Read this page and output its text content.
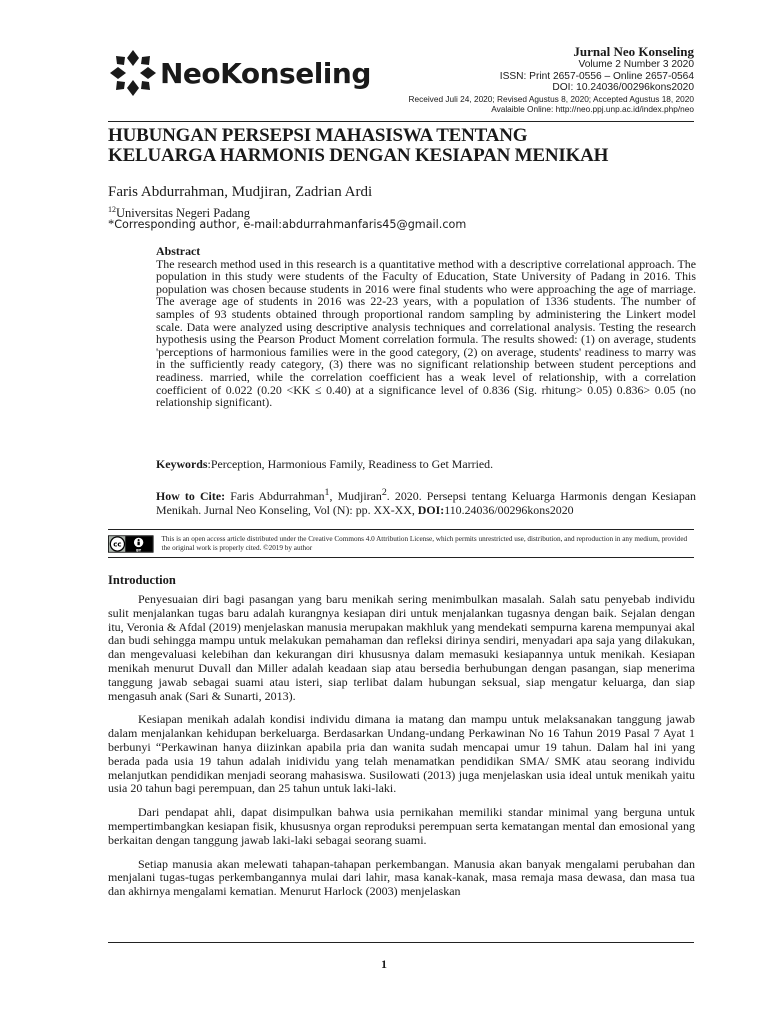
NeoKonseling
Jurnal Neo Konseling
Volume 2 Number 3 2020
ISSN: Print 2657-0556 – Online 2657-0564
DOI: 10.24036/00296kons2020
Received Juli 24, 2020; Revised Agustus 8, 2020; Accepted Agustus 18, 2020
Avalaible Online: http://neo.ppj.unp.ac.id/index.php/neo
HUBUNGAN PERSEPSI MAHASISWA TENTANG
KELUARGA HARMONIS DENGAN KESIAPAN MENIKAH
Faris Abdurrahman, Mudjiran, Zadrian Ardi
$^{12}$Universitas Negeri Padang
*Corresponding author, e-mail:abdurrahmanfaris45@gmail.com
Abstract
The research method used in this research is a quantitative method with a descriptive correlational approach. The population in this study were students of the Faculty of Education, State University of Padang in 2016. This population was chosen because students in 2016 were final students who were approaching the age of marriage. The average age of students in 2016 was 22-23 years, with a population of 1336 students. The number of samples of 93 students obtained through proportional random sampling by administering the Linkert model scale. Data were analyzed using descriptive analysis techniques and correlational analysis. Testing the research hypothesis using the Pearson Product Moment correlation formula. The results showed: (1) on average, students 'perceptions of harmonious families were in the good category, (2) on average, students' readiness to marry was in the sufficiently ready category, (3) there was no significant relationship between student perceptions and readiness. married, while the correlation coefficient has a weak level of relationship, with a correlation coefficient of 0.022 (0.20 <KK ≤ 0.40) at a significance level of 0.836 (Sig. rhitung> 0.05) 0.836> 0.05 (no relationship significant).
Keywords:Perception, Harmonious Family, Readiness to Get Married.
How to Cite: Faris Abdurrahman$^1$, Mudjiran$^2$. 2020. Persepsi tentang Keluarga Harmonis dengan Kesiapan Menikah. Jurnal Neo Konseling, Vol (N): pp. XX-XX, DOI:110.24036/00296kons2020
cc
BY
This is an open access article distributed under the Creative Commons 4.0 Attribution License, which permits unrestricted use, distribution, and reproduction in any medium, provided the original work is properly cited. ©2019 by author
Introduction

Penyesuaian diri bagi pasangan yang baru menikah sering menimbulkan masalah. Salah satu penyebab individu sulit menjalankan tugas baru adalah kurangnya kesiapan diri untuk menjalankan tugasnya dengan baik. Sejalan dengan itu, Veronia & Afdal (2019) menjelaskan manusia merupakan makhluk yang mendekati sempurna karena mempunyai akal dan budi sehingga mampu untuk melakukan pemahaman dan refleksi dirinya sendiri, menyadari apa saja yang dilakukan, dan mengevaluasi kelebihan dan kekurangan diri khususnya dalam memasuki kesiapannya untuk menikah. Kesiapan menikah menurut Duvall dan Miller adalah keadaan siap atau bersedia berhubungan dengan pasangan, siap menerima tanggung jawab sebagai suami atau isteri, siap terlibat dalam hubungan seksual, siap mengatur keluarga, dan siap mengasuh anak (Sari & Sunarti, 2013).

Kesiapan menikah adalah kondisi individu dimana ia matang dan mampu untuk melaksanakan tanggung jawab dalam menjalankan kehidupan berkeluarga. Berdasarkan Undang-undang Perkawinan No 16 Tahun 2019 Pasal 7 Ayat 1 berbunyi “Perkawinan hanya diizinkan apabila pria dan wanita sudah mencapai umur 19 tahun. Dalam hal ini yang berada pada usia 19 tahun adalah inidividu yang telah menamatkan pendidikan SMA/ SMK atau seorang individu melanjutkan pendidikan menjadi seorang mahasiswa. Susilowati (2013) juga menjelaskan usia ideal untuk menikah yaitu usia 20 tahun bagi perempuan, dan 25 tahun untuk laki-laki.

Dari pendapat ahli, dapat disimpulkan bahwa usia pernikahan memiliki standar minimal yang berguna untuk mempertimbangkan kesiapan fisik, khususnya organ reproduksi perempuan serta kematangan mental dan emosional yang berkaitan dengan tanggung jawab laki-laki sebagai seorang suami.

Setiap manusia akan melewati tahapan-tahapan perkembangan. Manusia akan banyak mengalami perubahan dan menjalani tugas-tugas perkembangannya mulai dari lahir, masa kanak-kanak, masa remaja masa dewasa, dan masa tua dan akhirnya mengalami kematian. Menurut Harlock (2003) menjelaskan

1
